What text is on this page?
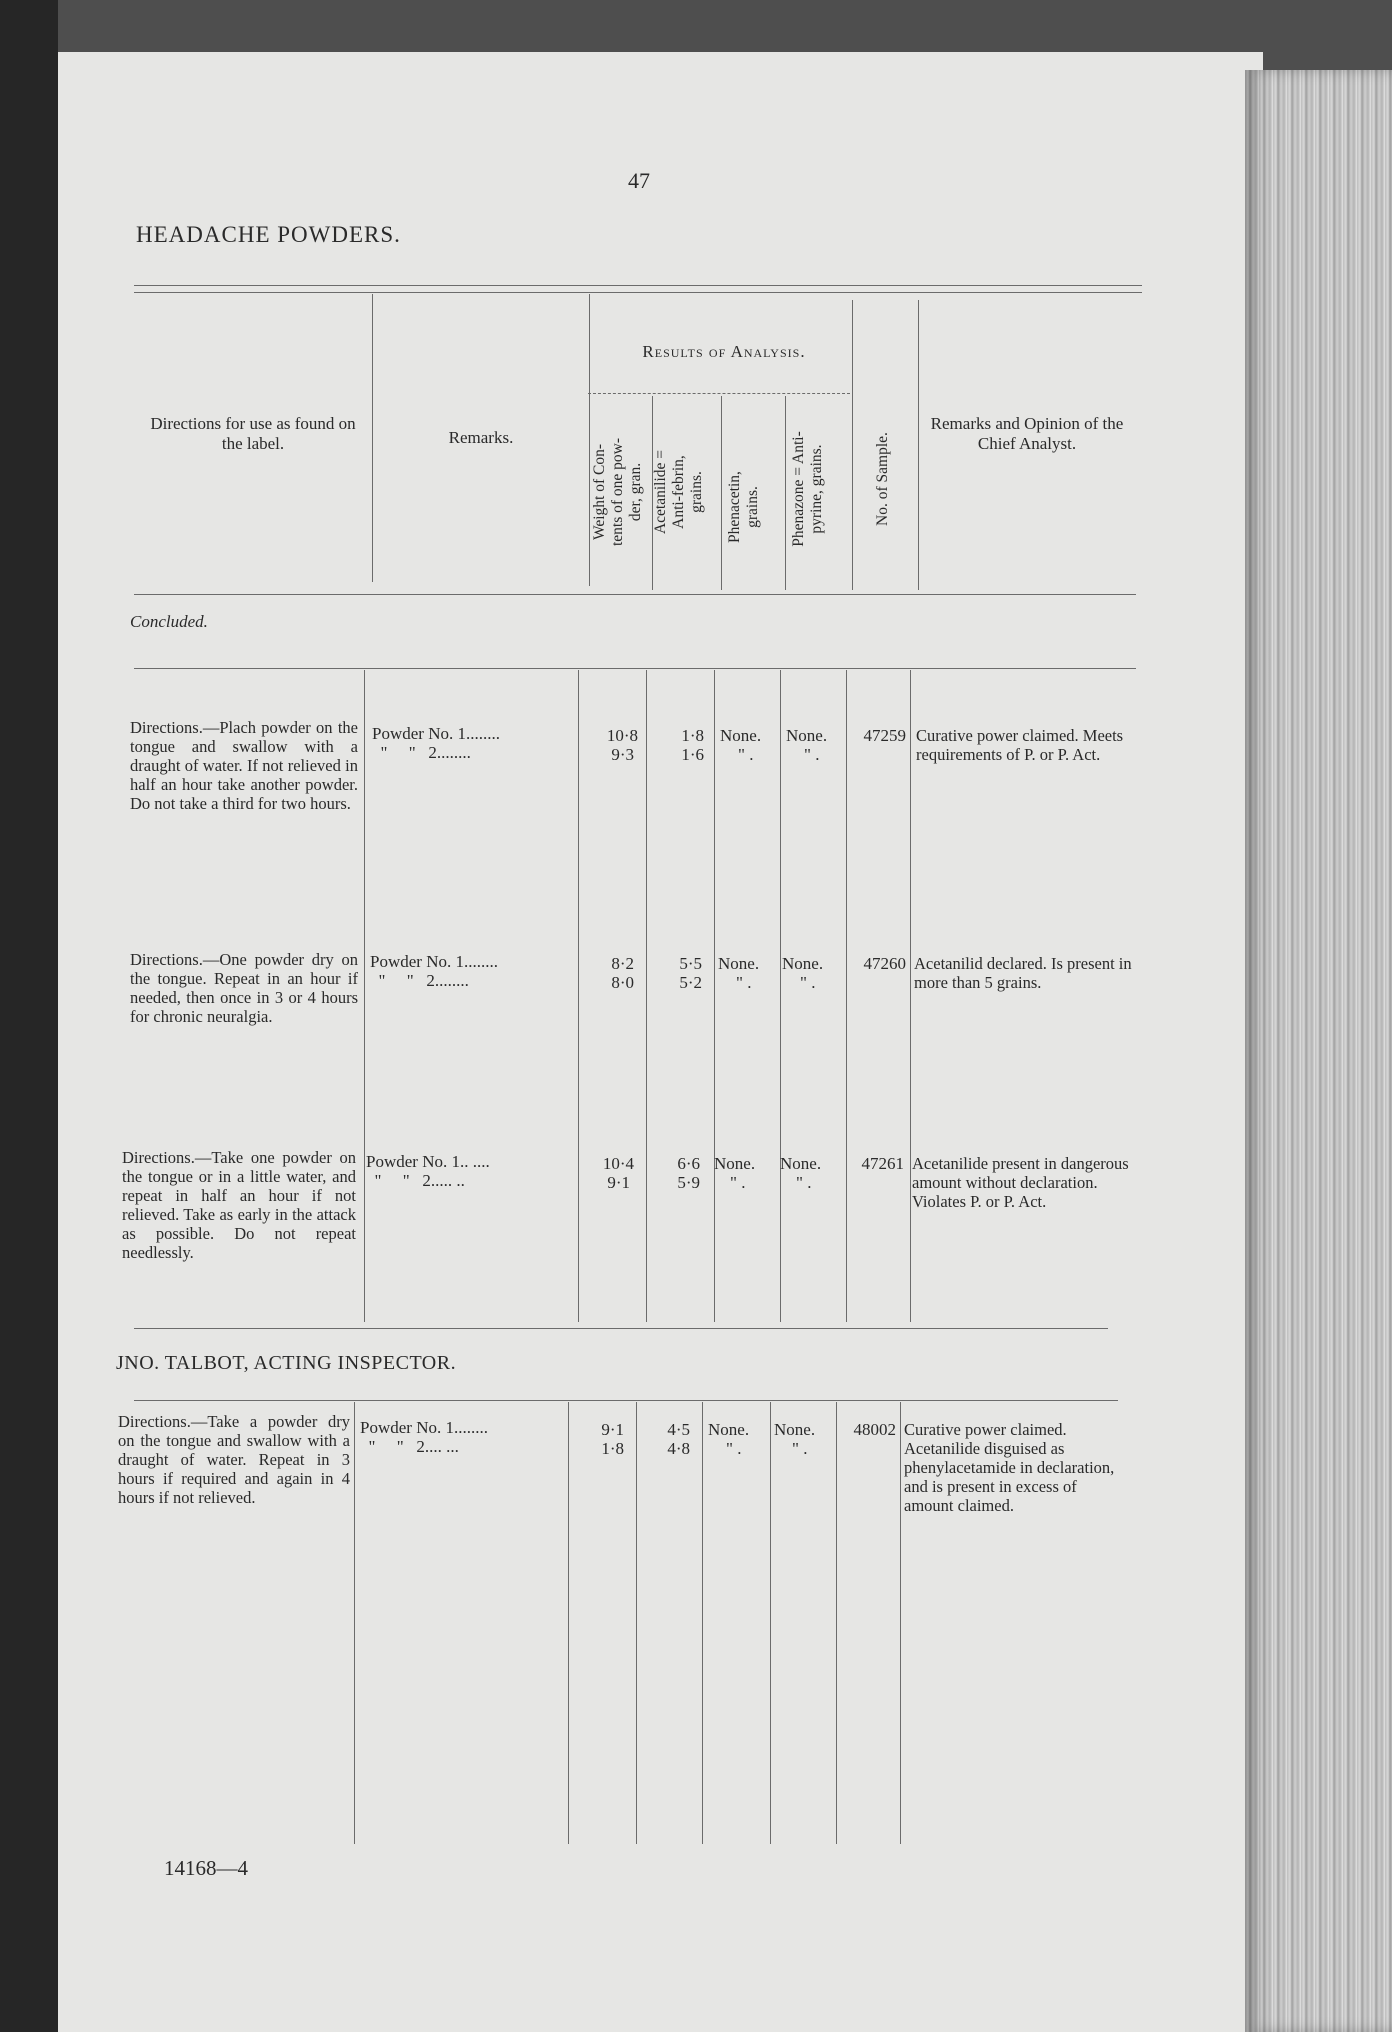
47
HEADACHE POWDERS.
Directions for use as found on the label.	Remarks.
Results of Analysis.
Weight of Con- tents of one pow- der, gran. Acetanilide = Anti-febrin, grains. Phenacetin, grains. Phenazone = Anti- pyrine, grains.	No. of Sample.
Remarks and Opinion of the Chief Analyst.
Concluded.
Directions.—Plach powder on the tongue and swallow with a draught of water. If not relieved in half an hour take another powder. Do not take a third for two hours.
Powder No. 1........
"     "   2........
10·8
9·3
1·8
1·6
None.
" .
None.
" .
47259 Curative power claimed. Meets requirements of P. or P. Act.
Directions.—One powder dry on the tongue. Repeat in an hour if needed, then once in 3 or 4 hours for chronic neuralgia.
Powder No. 1........
"     "   2........
8·2
8·0
5·5
5·2
None.
" .
None.
" .
47260 Acetanilid declared. Is present in more than 5 grains.
Directions.—Take one powder on the tongue or in a little water, and repeat in half an hour if not relieved. Take as early in the attack as possible. Do not repeat needlessly.
Powder No. 1.. ....
"     "   2..... ..
10·4
9·1
6·6
5·9
None.
" .
None.
" .
47261 Acetanilide present in dangerous amount without declaration. Violates P. or P. Act.
JNO. TALBOT, ACTING INSPECTOR.
Directions.—Take a powder dry on the tongue and swallow with a draught of water. Repeat in 3 hours if required and again in 4 hours if not relieved.
Powder No. 1........
"     "   2.... ...
9·1
1·8
4·5
4·8
None.
" .
None.
" .
48002 Curative power claimed. Acetanilide disguised as phenylacetamide in declaration, and is present in excess of amount claimed.
14168—4
